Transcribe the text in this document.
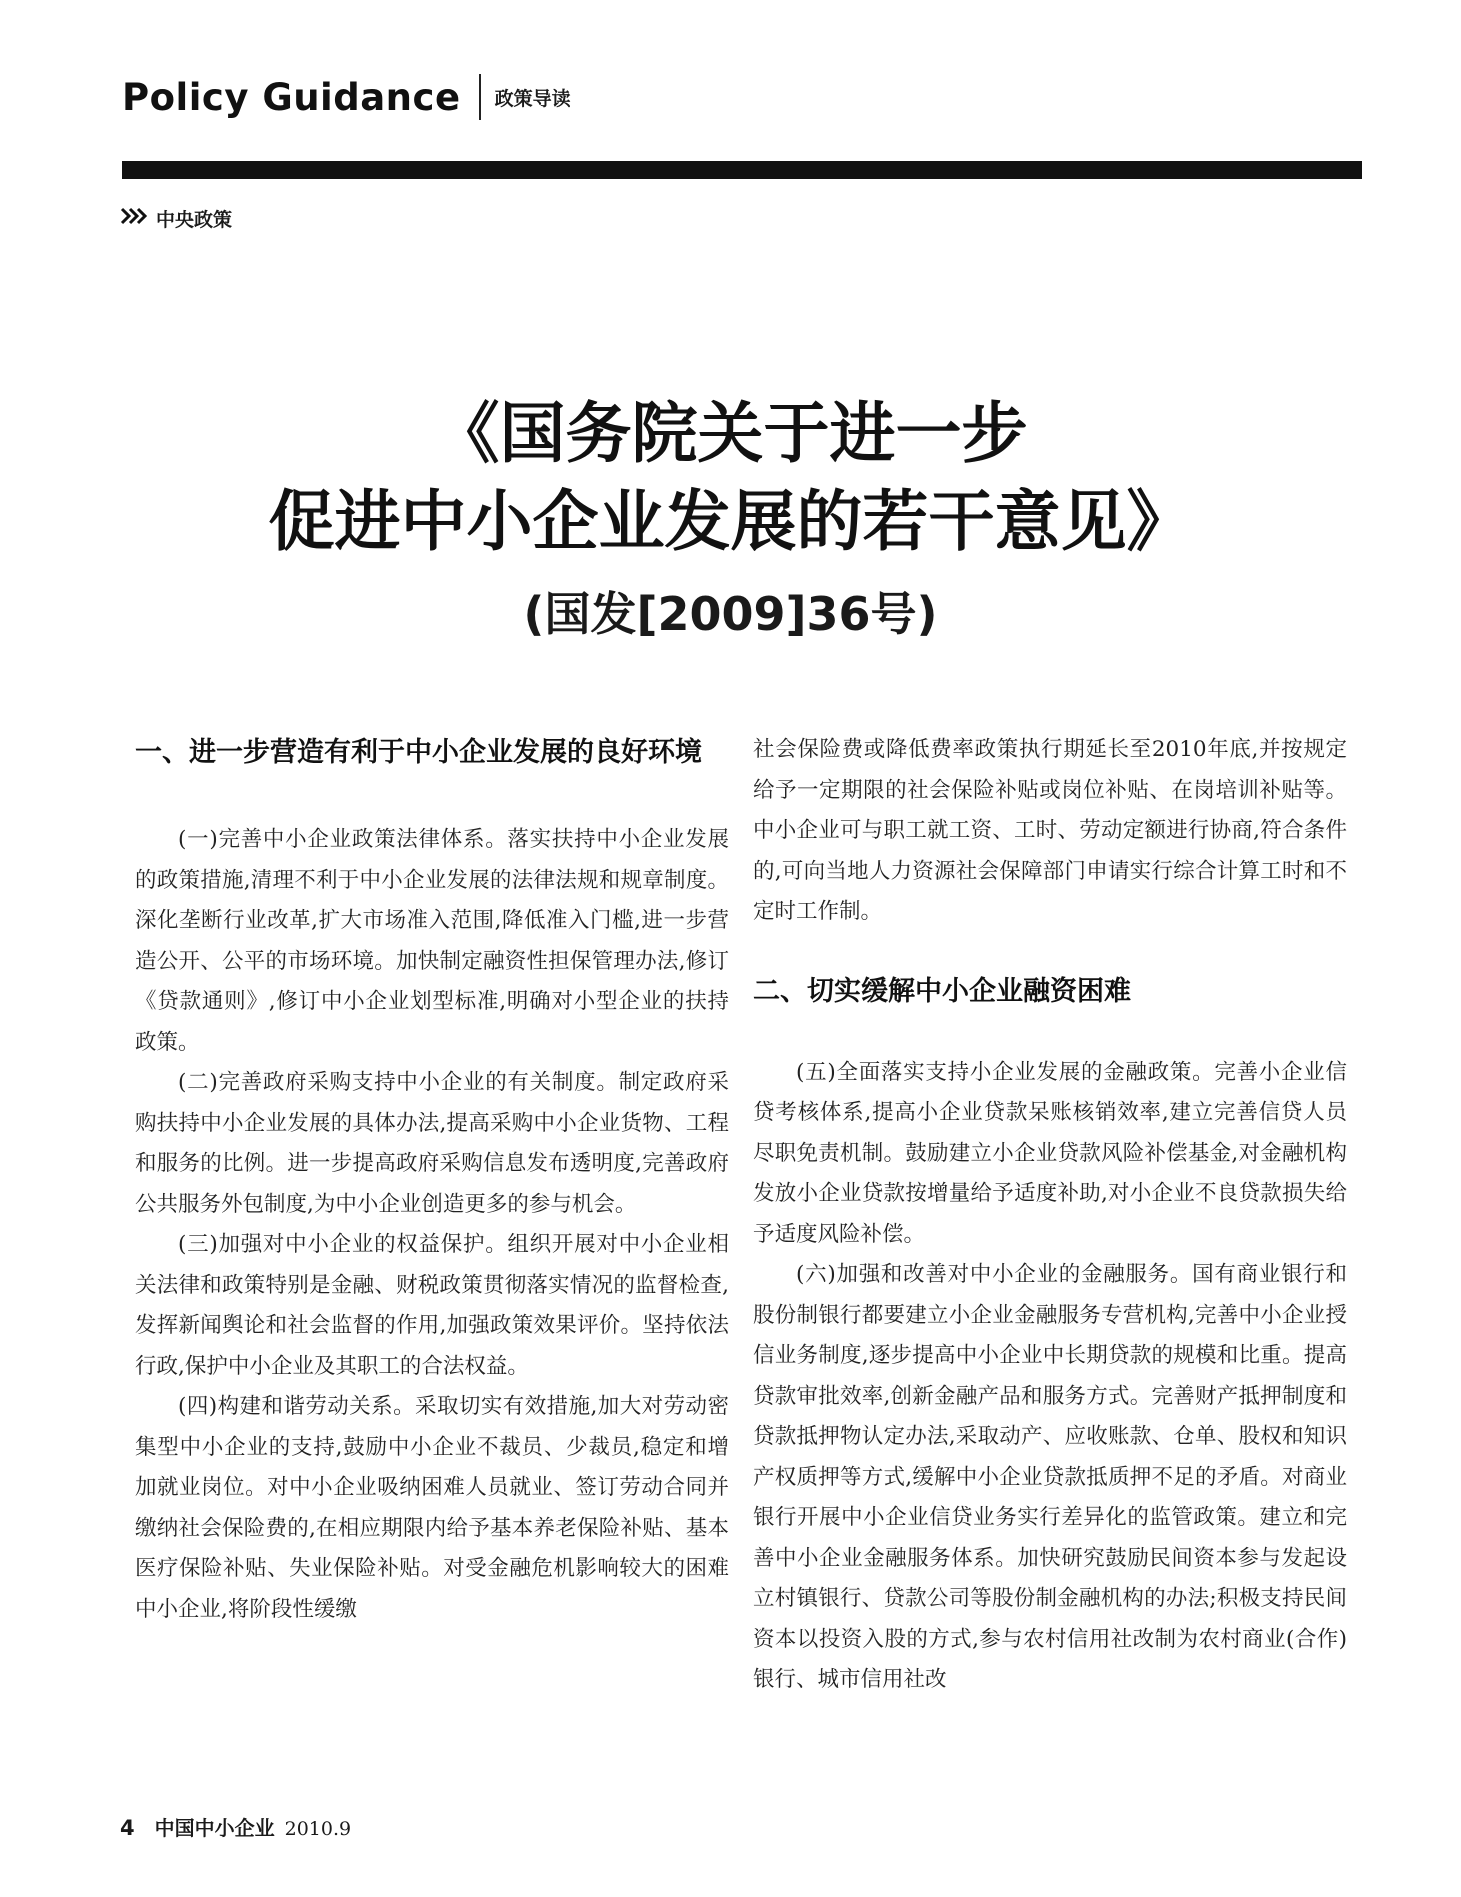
Policy Guidance 政策导读
中央政策
《国务院关于进一步
促进中小企业发展的若干意见》
(国发[2009]36号)
一、进一步营造有利于中小企业发展的良好环境

(一)完善中小企业政策法律体系。落实扶持中小企业发展的政策措施,清理不利于中小企业发展的法律法规和规章制度。深化垄断行业改革,扩大市场准入范围,降低准入门槛,进一步营造公开、公平的市场环境。加快制定融资性担保管理办法,修订《贷款通则》,修订中小企业划型标准,明确对小型企业的扶持政策。

(二)完善政府采购支持中小企业的有关制度。制定政府采购扶持中小企业发展的具体办法,提高采购中小企业货物、工程和服务的比例。进一步提高政府采购信息发布透明度,完善政府公共服务外包制度,为中小企业创造更多的参与机会。

(三)加强对中小企业的权益保护。组织开展对中小企业相关法律和政策特别是金融、财税政策贯彻落实情况的监督检查,发挥新闻舆论和社会监督的作用,加强政策效果评价。坚持依法行政,保护中小企业及其职工的合法权益。

(四)构建和谐劳动关系。采取切实有效措施,加大对劳动密集型中小企业的支持,鼓励中小企业不裁员、少裁员,稳定和增加就业岗位。对中小企业吸纳困难人员就业、签订劳动合同并缴纳社会保险费的,在相应期限内给予基本养老保险补贴、基本医疗保险补贴、失业保险补贴。对受金融危机影响较大的困难中小企业,将阶段性缓缴

社会保险费或降低费率政策执行期延长至2010年底,并按规定给予一定期限的社会保险补贴或岗位补贴、在岗培训补贴等。中小企业可与职工就工资、工时、劳动定额进行协商,符合条件的,可向当地人力资源社会保障部门申请实行综合计算工时和不定时工作制。

二、切实缓解中小企业融资困难

(五)全面落实支持小企业发展的金融政策。完善小企业信贷考核体系,提高小企业贷款呆账核销效率,建立完善信贷人员尽职免责机制。鼓励建立小企业贷款风险补偿基金,对金融机构发放小企业贷款按增量给予适度补助,对小企业不良贷款损失给予适度风险补偿。

(六)加强和改善对中小企业的金融服务。国有商业银行和股份制银行都要建立小企业金融服务专营机构,完善中小企业授信业务制度,逐步提高中小企业中长期贷款的规模和比重。提高贷款审批效率,创新金融产品和服务方式。完善财产抵押制度和贷款抵押物认定办法,采取动产、应收账款、仓单、股权和知识产权质押等方式,缓解中小企业贷款抵质押不足的矛盾。对商业银行开展中小企业信贷业务实行差异化的监管政策。建立和完善中小企业金融服务体系。加快研究鼓励民间资本参与发起设立村镇银行、贷款公司等股份制金融机构的办法;积极支持民间资本以投资入股的方式,参与农村信用社改制为农村商业(合作)银行、城市信用社改

4 中国中小企业 2010.9
